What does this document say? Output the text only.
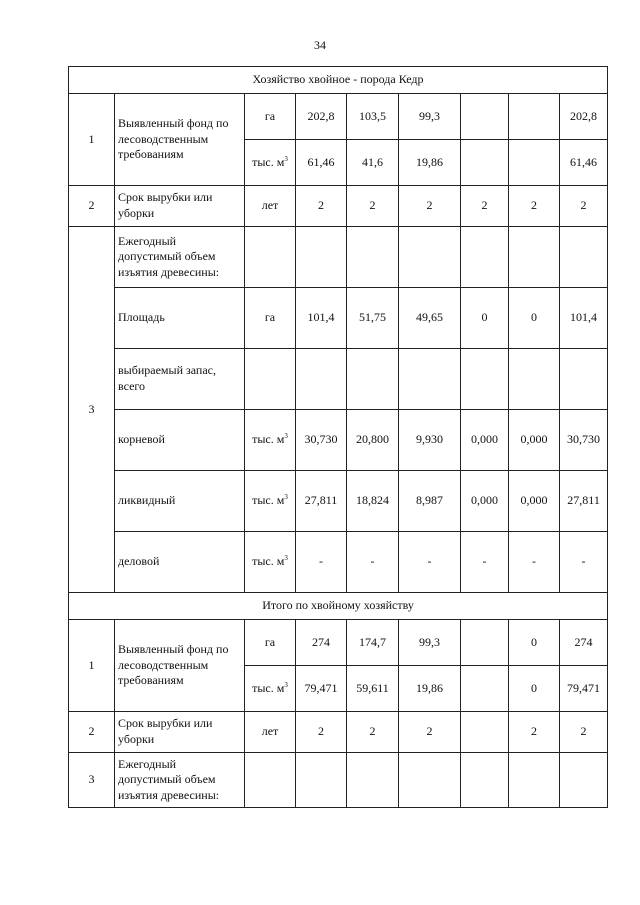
34
Хозяйство хвойное - порода Кедр								
1	Выявленный фонд по лесоводственным требованиям	га	202,8	103,5	99,3			202,8
		тыс. $м^3$	61,46	41,6	19,86			61,46
2	Срок вырубки или уборки	лет	2	2	2	2	2	2
3	Ежегодный допустимый объем изъятия древесины:							
	Площадь	га	101,4	51,75	49,65	0	0	101,4
	выбираемый запас, всего							
	корневой	тыс. $м^3$	30,730	20,800	9,930	0,000	0,000	30,730
	ликвидный	тыс. $м^3$	27,811	18,824	8,987	0,000	0,000	27,811
	деловой	тыс. $м^3$	-	-	-	-	-	-
Итого по хвойному хозяйству								
1	Выявленный фонд по лесоводственным требованиям	га	274	174,7	99,3		0	274
		тыс. $м^3$	79,471	59,611	19,86		0	79,471
2	Срок вырубки или уборки	лет	2	2	2		2	2
3	Ежегодный допустимый объем изъятия древесины:							
